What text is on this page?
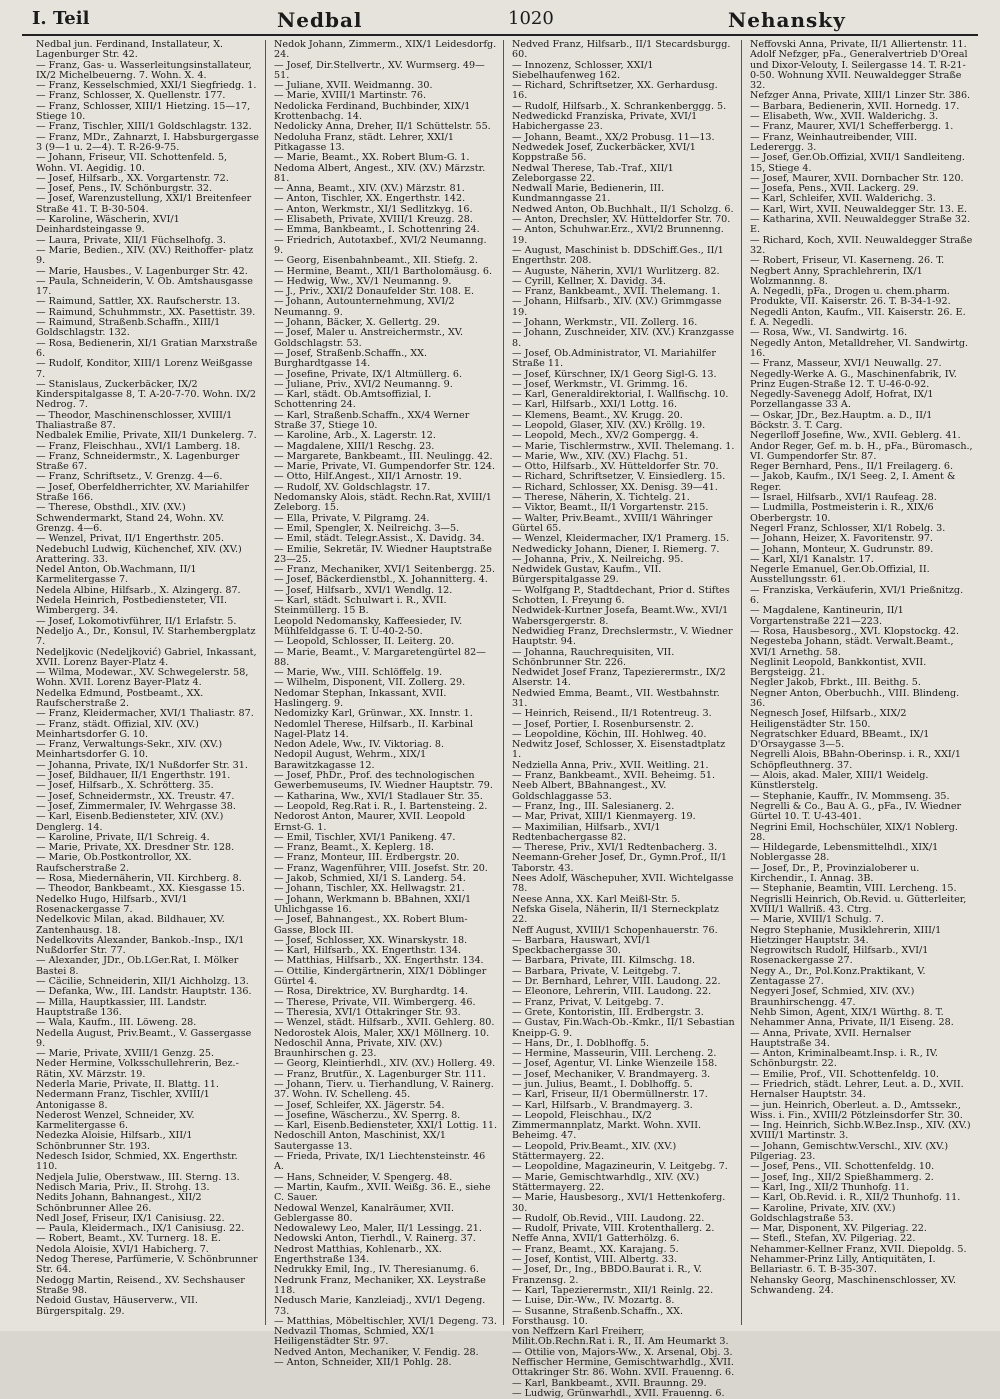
I. Teil	Nedbal	1020	Nehansky

Nedbal jun. Ferdinand, Installateur, X. Lagenburger Str. 42.

— Franz, Gas- u. Wasserleitungsinstallateur, IX/2 Michelbeuerng. 7. Wohn. X. 4.

— Franz, Kesselschmied, XXI/1 Siegfriedg. 1.

— Franz, Schlosser, X. Quellenstr. 177.

— Franz, Schlosser, XIII/1 Hietzing. 15—17, Stiege 10.

— Franz, Tischler, XIII/1 Goldschlagstr. 132.

— Franz, MDr., Zahnarzt, I. Habsburgergasse 3 (9—1 u. 2—4). T. R-26-9-75.

— Johann, Friseur, VII. Schottenfeld. 5, Wohn. VI. Aegidig. 10.

— Josef, Hilfsarb., XX. Vorgartenstr. 72.

— Josef, Pens., IV. Schönburgstr. 32.

— Josef, Warenzustellung, XXI/1 Breitenfeer Straße 41. T. B-30-504.

— Karoline, Wäscherin, XVI/1 Deinhardsteingasse 9.

— Laura, Private, XII/1 Füchselhofg. 3.

— Marie, Bedien., XIV. (XV.) Reithoffer- platz 9.

— Marie, Hausbes., V. Lagenburger Str. 42.

— Paula, Schneiderin, V. Ob. Amtshausgasse 17.

— Raimund, Sattler, XX. Raufscherstr. 13.

— Raimund, Schuhmmstr., XX. Pasettistr. 39.

— Raimund, Straßenb.Schaffn., XIII/1 Goldschlagstr. 132.

— Rosa, Bedienerin, XI/1 Gratian Marxstraße 6.

— Rudolf, Konditor, XIII/1 Lorenz Weißgasse 7.

— Stanislaus, Zuckerbäcker, IX/2 Kinderspitalgasse 8, T. A-20-7-70. Wohn. IX/2 Nedrog. 7.

— Theodor, Maschinenschlosser, XVIII/1 Thaliastraße 87.

Nedbalek Emilie, Private, XII/1 Dunkelerg. 7.

— Franz, Fleischhau., XVI/1 Lamberg. 18.

— Franz, Schneidermstr., X. Lagenburger Straße 67.

— Franz, Schriftsetz., V. Grenzg. 4—6.

— Josef, Oberfeldherrichter, XV. Mariahilfer Straße 166.

— Therese, Obsthdl., XIV. (XV.) Schwendermarkt, Stand 24, Wohn. XV. Grenzg. 4—6.

— Wenzel, Privat, II/1 Engerthstr. 205.

Nedebuchl Ludwig, Küchenchef, XIV. (XV.) Arattering. 33.

Nedel Anton, Ob.Wachmann, II/1 Karmelitergasse 7.

Nedela Albine, Hilfsarb., X. Alzingerg. 87.

Nedela Heinrich, Postbediensteter, VII. Wimbergerg. 34.

— Josef, Lokomotivführer, II/1 Erlafstr. 5.

Nedeljo A., Dr., Konsul, IV. Starhembergplatz 7.

Nedeljkovic (Nedeljković) Gabriel, Inkassant, XVII. Lorenz Bayer-Platz 4.

— Wilma, Modewar., XV. Schwegelerstr. 58, Wohn. XVII. Lorenz Bayer-Platz 4.

Nedelka Edmund, Postbeamt., XX. Raufscherstraße 2.

— Franz, Kleidermacher, XVI/1 Thaliastr. 87.

— Franz, städt. Offizial, XIV. (XV.) Meinhartsdorfer G. 10.

— Franz, Verwaltungs-Sekr., XIV. (XV.) Meinhartsdorfer G. 10.

— Johanna, Private, IX/1 Nußdorfer Str. 31.

— Josef, Bildhauer, II/1 Engerthstr. 191.

— Josef, Hilfsarb., X. Schrötterg. 35.

— Josef, Schneidermstr., XX. Treustr. 47.

— Josef, Zimmermaler, IV. Wehrgasse 38.

— Karl, Eisenb.Bediensteter, XIV. (XV.) Denglerg. 14.

— Karoline, Private, II/1 Schreig. 4.

— Marie, Private, XX. Dresdner Str. 128.

— Marie, Ob.Postkontrollor, XX. Raufscherstraße 2.

— Rosa, Miedernäherin, VII. Kirchberg. 8.

— Theodor, Bankbeamt., XX. Kiesgasse 15.

Nedelko Hugo, Hilfsarb., XVI/1 Rosenackergasse 7.

Nedelkovic Milan, akad. Bildhauer, XV. Zantenhausg. 18.

Nedelkovits Alexander, Bankob.-Insp., IX/1 Nußdorfer Str. 77.

— Alexander, JDr., Ob.LGer.Rat, I. Mölker Bastei 8.

— Cäcilie, Schneiderin, XII/1 Aichholzg. 13.

— Defanka, Ww., III. Landstr. Hauptstr. 136.

— Milla, Hauptkassier, III. Landstr. Hauptstraße 136.

— Wala, Kaufm., III. Löweng. 28.

Nedella August, Priv.Beamt., V. Gassergasse 9.

— Marie, Private, XVIII/1 Genzg. 25.

Neder Hermine, Volksschullehrerin, Bez.-Rätin, XV. Märzstr. 19.

Nederla Marie, Private, II. Blattg. 11.

Nedermann Franz, Tischler, XVIII/1 Antonigasse 8.

Nederost Wenzel, Schneider, XV. Karmelitergasse 6.

Nedezka Aloisie, Hilfsarb., XII/1 Schönbrunner Str. 193.

Nedesch Isidor, Schmied, XX. Engerthstr. 110.

Nedjela Julie, Oberstwaw., III. Sterng. 13.

Nedisch Maria, Priv., II. Strohg. 13.

Nedits Johann, Bahnangest., XII/2 Schönbrunner Allee 26.

Nedl Josef, Friseur, IX/1 Canisiusg. 22.

— Paula, Kleidermach., IX/1 Canisiusg. 22.

— Robert, Beamt., XV. Turnerg. 18. E.

Nedola Aloisie, XVI/1 Habicherg. 7.

Nedog Therese, Parfümerie, V. Schönbrunner Str. 64.

Nedogg Martin, Reisend., XV. Sechshauser Straße 98.

Nedoid Gustav, Häuserverw., VII. Bürgerspitalg. 29.

Nedok Johann, Zimmerm., XIX/1 Leidesdorfg. 24.

— Josef, Dir.Stellvertr., XV. Wurmserg. 49—51.

— Juliane, XVII. Weidmanng. 30.

— Marie, XVIII/1 Martinstr. 76.

Nedolicka Ferdinand, Buchbinder, XIX/1 Krottenbachg. 14.

Nedolicky Anna, Dreher, II/1 Schüttelstr. 55.

Nedoluha Franz, städt. Lehrer, XXI/1 Pitkagasse 13.

— Marie, Beamt., XX. Robert Blum-G. 1.

Nedoma Albert, Angest., XIV. (XV.) Märzstr. 81.

— Anna, Beamt., XIV. (XV.) Märzstr. 81.

— Anton, Tischler, XX. Engerthstr. 142.

— Anton, Werkmstr., XI/1 Sedlitzkyg. 16.

— Elisabeth, Private, XVIII/1 Kreuzg. 28.

— Emma, Bankbeamt., I. Schottenring 24.

— Friedrich, Autotaxbef., XVI/2 Neumanng. 9.

— Georg, Eisenbahnbeamt., XII. Stiefg. 2.

— Hermine, Beamt., XII/1 Bartholomäusg. 6.

— Hedwig, Ww., XV/1 Neumanng. 9.

— J., Priv., XXI/2 Donaufelder Str. 108. E.

— Johann, Autounternehmung, XVI/2 Neumanng. 9.

— Johann, Bäcker, X. Gellertg. 29.

— Josef, Maler u. Anstreichermstr., XV. Goldschlagstr. 53.

— Josef, Straßenb.Schaffn., XX. Burghardtgasse 14.

— Josefine, Private, IX/1 Altmüllerg. 6.

— Juliane, Priv., XVI/2 Neumanng. 9.

— Karl, städt. Ob.Amtsoffizial, I. Schottenring 24.

— Karl, Straßenb.Schaffn., XX/4 Werner Straße 37, Stiege 10.

— Karoline, Arb., X. Lagerstr. 12.

— Magdalene, XIII/1 Reschg. 23.

— Margarete, Bankbeamt., III. Neulingg. 42.

— Marie, Private, VI. Gumpendorfer Str. 124.

— Otto, Hilf.Angest., XII/1 Arnostr. 19.

— Rudolf, XV. Goldschlagstr. 17.

Nedomansky Alois, städt. Rechn.Rat, XVIII/1 Zeleborg. 15.

— Ella, Private, V. Pilgramg. 24.

— Emil, Spengler, X. Neilreichg. 3—5.

— Emil, städt. Telegr.Assist., X. Davidg. 34.

— Emilie, Sekretär, IV. Wiedner Hauptstraße 23—25.

— Franz, Mechaniker, XVI/1 Seitenbergg. 25.

— Josef, Bäckerdienstbl., X. Johannitterg. 4.

— Josef, Hilfsarb., XVI/1 Wendlg. 12.

— Karl, städt. Schulwart i. R., XVII. Steinmüllerg. 15 B.

Leopold Nedomansky, Kaffeesieder, IV. Mühlfeldgasse 6. T. U-40-2-50.

— Leopold, Schlosser, II. Leiterg. 20.

— Marie, Beamt., V. Margaretengürtel 82—88.

— Marie, Ww., VIII. Schlöffelg. 19.

— Wilhelm, Disponent, VII. Zollerg. 29.

Nedomar Stephan, Inkassant, XVII. Haslingerg. 9.

Nedomizky Karl, Grünwar., XX. Innstr. 1.

Nedomlel Therese, Hilfsarb., II. Karbinal Nagel-Platz 14.

Nedon Adele, Ww., IV. Viktoriag. 8.

Nedopil August, Wehrm., XIX/1 Barawitzkagasse 12.

— Josef, PhDr., Prof. des technologischen Gewerbemuseums, IV. Wiedner Hauptstr. 79.

— Katharina, Ww., XVI/1 Stadlauer Str. 35.

— Leopold, Reg.Rat i. R., I. Bartensteing. 2.

Nedorost Anton, Maurer, XVII. Leopold Ernst-G. 1.

— Emil, Tischler, XVI/1 Panikeng. 47.

— Franz, Beamt., X. Keplerg. 18.

— Franz, Monteur, III. Erdbergstr. 20.

— Franz, Wagenführer, VIII. Josefst. Str. 20.

— Jakob, Schmied, XI/1 S. Landerg. 54.

— Johann, Tischler, XX. Hellwagstr. 21.

— Johann, Werkmann b. BBahnen, XXI/1 Uhlichgasse 16.

— Josef, Bahnangest., XX. Robert Blum-Gasse, Block III.

— Josef, Schlosser, XX. Winarskystr. 18.

— Karl, Hilfsarb., XX. Engerthstr. 134.

— Matthias, Hilfsarb., XX. Engerthstr. 134.

— Ottilie, Kindergärtnerin, XIX/1 Döblinger Gürtel 4.

— Rosa, Direktrice, XV. Burghardtg. 14.

— Therese, Private, VII. Wimbergerg. 46.

— Theresia, XVI/1 Ottakringer Str. 93.

— Wenzel, städt. Hilfsarb., XVII. Gehlerg. 80.

Nedorostek Alois, Maler, XX/1 Möllnerg. 10.

Nedoschil Anna, Private, XIV. (XV.) Braunhirschen g. 23.

— Georg, Kleintierhdl., XIV. (XV.) Hollerg. 49.

— Franz, Brutfür., X. Lagenburger Str. 111.

— Johann, Tierv. u. Tierhandlung, V. Rainerg. 37. Wohn. IV. Schelleng. 45.

— Josef, Schleifer, XX. Jägerstr. 54.

— Josefine, Wäscherzu., XV. Sperrg. 8.

— Karl, Eisenb.Bediensteter, XXI/1 Lottig. 11.

Nedoschill Anton, Maschinist, XX/1 Sautergasse 13.

— Frieda, Private, IX/1 Liechtensteinstr. 46 A.

— Hans, Schneider, V. Spengerg. 48.

— Martin, Kaufm., XVII. Weißg. 36. E., siehe C. Sauer.

Nedowal Wenzel, Kanalräumer, XVII. Geblergasse 80.

Nedowalewy Leo, Maler, II/1 Lessingg. 21.

Nedowski Anton, Tierhdl., V. Rainerg. 37.

Nedrost Matthias, Kohlenarb., XX. Engerthstraße 134.

Nedrukky Emil, Ing., IV. Theresianumg. 6.

Nedrunk Franz, Mechaniker, XX. Leystraße 118.

Nedusch Marie, Kanzleiadj., XVI/1 Degeng. 73.

— Matthias, Möbeltischler, XVI/1 Degeng. 73.

Nedvazil Thomas, Schmied, XX/1 Heiligenstädter Str. 97.

Nedved Anton, Mechaniker, V. Fendig. 28.

— Anton, Schneider, XII/1 Pohlg. 28.

Nedved Franz, Hilfsarb., II/1 Stecardsburgg. 60.

— Innozenz, Schlosser, XXI/1 Siebelhaufenweg 162.

— Richard, Schriftsetzer, XX. Gerhardusg. 16.

— Rudolf, Hilfsarb., X. Schrankenberggg. 5.

Nedwedickd Franziska, Private, XVI/1 Habichergasse 23.

— Johann, Beamt., XX/2 Probusg. 11—13.

Nedwedek Josef, Zuckerbäcker, XVI/1 Koppstraße 56.

Nedwal Therese, Tab.-Traf., XII/1 Zeleborgasse 22.

Nedwall Marie, Bedienerin, III. Kundmanngasse 21.

Nedwed Anton, Ob.Buchhalt., II/1 Scholzg. 6.

— Anton, Drechsler, XV. Hütteldorfer Str. 70.

— Anton, Schuhwar.Erz., XVI/2 Brunnenng. 19.

— August, Maschinist b. DDSchiff.Ges., II/1 Engerthstr. 208.

— Auguste, Näherin, XVI/1 Wurlitzerg. 82.

— Cyrill, Kellner, X. Davidg. 34.

— Franz, Bankbeamt., XVII. Thelemang. 1.

— Johann, Hilfsarb., XIV. (XV.) Grimmgasse 19.

— Johann, Werkmstr., VII. Zollerg. 16.

— Johann, Zuschneider, XIV. (XV.) Kranzgasse 8.

— Josef, Ob.Administrator, VI. Mariahilfer Straße 11.

— Josef, Kürschner, IX/1 Georg Sigl-G. 13.

— Josef, Werkmstr., VI. Grimmg. 16.

— Karl, Generaldirektorial, I. Wallfischg. 10.

— Karl, Hilfsarb., XXI/1 Lottg. 16.

— Klemens, Beamt., XV. Krugg. 20.

— Leopold, Glaser, XIV. (XV.) Kröllg. 19.

— Leopold, Mech., XV/2 Gompergg. 4.

— Marie, Tischlermstrw., XVII. Thelemang. 1.

— Marie, Ww., XIV. (XV.) Flachg. 51.

— Otto, Hilfsarb., XV. Hütteldorfer Str. 70.

— Richard, Schriftsetzer, V. Einsiedlerg. 15.

— Richard, Schlosser, XX. Denisg. 39—41.

— Therese, Näherin, X. Tichtelg. 21.

— Viktor, Beamt., II/1 Vorgartenstr. 215.

— Walter, Priv.Beamt., XVIII/1 Währinger Gürtel 65.

— Wenzel, Kleidermacher, IX/1 Pramerg. 15.

Nedwedicky Johann, Diener, I. Riemerg. 7.

— Johanna, Priv., X. Neilreichg. 95.

Nedwidek Gustav, Kaufm., VII. Bürgerspitalgasse 29.

— Wolfgang P., Stadtdechant, Prior d. Stiftes Schotten, I. Freyung 6.

Nedwidek-Kurtner Josefa, Beamt.Ww., XVI/1 Wabersgergerstr. 8.

Nedwidieg Franz, Drechslermstr., V. Wiedner Hauptstr. 94.

— Johanna, Rauchrequisiten, VII. Schönbrunner Str. 226.

Nedwidet Josef Franz, Tapezierermstr., IX/2 Alserstr. 14.

Nedwied Emma, Beamt., VII. Westbahnstr. 31.

— Heinrich, Reisend., II/1 Rotentreug. 3.

— Josef, Portier, I. Rosenbursenstr. 2.

— Leopoldine, Köchin, III. Hohlweg. 40.

Nedwitz Josef, Schlosser, X. Eisenstadtplatz 1.

Nedziella Anna, Priv., XVII. Weitling. 21.

— Franz, Bankbeamt., XVII. Beheimg. 51.

Neeb Albert, BBahnangest., XV. Goldschlaggasse 53.

— Franz, Ing., III. Salesianerg. 2.

— Mar, Privat, XIII/1 Kienmayerg. 19.

— Maximilian, Hilfsarb., XVI/1 Redtenbachergasse 82.

— Therese, Priv., XVI/1 Redtenbacherg. 3.

Neemann-Greher Josef, Dr., Gymn.Prof., II/1 Taborstr. 43.

Nees Adolf, Wäschepuher, XVII. Wichtelgasse 78.

Neese Anna, XX. Karl Meißl-Str. 5.

Nefska Gisela, Näherin, II/1 Sterneckplatz 22.

Neff August, XVIII/1 Schopenhauerstr. 76.

— Barbara, Hauswart, XVI/1 Speckbachergasse 30.

— Barbara, Private, III. Kilmschg. 18.

— Barbara, Private, V. Leitgebg. 7.

— Dr. Bernhard, Lehrer, VIII. Laudong. 22.

— Eleonore, Lehrerin, VIII. Laudong. 22.

— Franz, Privat, V. Leitgebg. 7.

— Grete, Kontoristin, III. Erdbergstr. 3.

— Gustav, Fin.Wach-Ob.-Kmkr., II/1 Sebastian Kneipp-G. 9.

— Hans, Dr., I. Doblhoffg. 5.

— Hermine, Masseurin, VIII. Lercheng. 2.

— Josef, Agentur, VI. Linke Wienzeile 158.

— Josef, Mechaniker, V. Brandmayerg. 3.

— jun. Julius, Beamt., I. Doblhoffg. 5.

— Karl, Friseur, II/1 Obermüllnerstr. 17.

— Karl, Hilfsarb., V. Brandmayerg. 3.

— Leopold, Fleischhau., IX/2 Zimmermannplatz, Markt. Wohn. XVII. Beheimg. 47.

— Leopold, Priv.Beamt., XIV. (XV.) Stättermayerg. 22.

— Leopoldine, Magazineurin, V. Leitgebg. 7.

— Marie, Gemischtwarhdlg., XIV. (XV.) Stättermayerg. 22.

— Marie, Hausbesorg., XVI/1 Hettenkoferg. 30.

— Rudolf, Ob.Revid., VIII. Laudong. 22.

— Rudolf, Private, VIII. Krotenthallerg. 2.

Neffe Anna, XVII/1 Gatterhölzg. 6.

— Franz, Beamt., XX. Karajang. 5.

— Josef, Kontist, VIII. Albertg. 33.

— Josef, Dr., Ing., BBDO.Baurat i. R., V. Franzensg. 2.

— Karl, Tapezierermstr., XII/1 Reinlg. 22.

— Luise, Dir.-Ww., IV. Mozartg. 8.

— Susanne, Straßenb.Schaffn., XX. Forsthausg. 10.

von Neffzern Karl Freiherr, Milit.Ob.Rechn.Rat i. R., II. Am Heumarkt 3.

— Ottilie von, Majors-Ww., X. Arsenal, Obj. 3.

Neffischer Hermine, Gemischtwarhdlg., XVII. Ottakringer Str. 86. Wohn. XVII. Frauenng. 6.

— Karl, Bankbeamt., XVII. Braunng. 29.

— Ludwig, Grünwarhdl., XVII. Frauenng. 6.

Neffovski Anna, Private, II/1 Alliertenstr. 11.

Adolf Nefzger, pFa., Generalvertrieb D'Oreal und Dixor-Velouty, I. Seilergasse 14. T. R-21-0-50. Wohnung XVII. Neuwaldegger Straße 32.

Nefzger Anna, Private, XIII/1 Linzer Str. 386.

— Barbara, Bedienerin, XVII. Hornedg. 17.

— Elisabeth, Ww., XVII. Walderichg. 3.

— Franz, Maurer, XVI/1 Schefferbergg. 1.

— Franz, Weinhautreibender, VIII. Lederergg. 3.

— Josef, Ger.Ob.Offizial, XVII/1 Sandleiteng. 15, Stiege 4.

— Josef, Maurer, XVII. Dornbacher Str. 120.

— Josefa, Pens., XVII. Lackerg. 29.

— Karl, Schleifer, XVII. Walderichg. 3.

— Karl, Wirt, XVII. Neuwaldegger Str. 13. E.

— Katharina, XVII. Neuwaldegger Straße 32. E.

— Richard, Koch, XVII. Neuwaldegger Straße 32.

— Robert, Friseur, VI. Kaserneng. 26. T.

Negbert Anny, Sprachlehrerin, IX/1 Wolzmannng. 8.

A. Negedli, pFa., Drogen u. chem.pharm. Produkte, VII. Kaiserstr. 26. T. B-34-1-92.

Negedli Anton, Kaufm., VII. Kaiserstr. 26. E. f. A. Negedli.

— Rosa, Ww., VI. Sandwirtg. 16.

Negedly Anton, Metalldreher, VI. Sandwirtg. 16.

— Franz, Masseur, XVI/1 Neuwallg. 27.

Negedly-Werke A. G., Maschinenfabrik, IV. Prinz Eugen-Straße 12. T. U-46-0-92.

Negedly-Savenegg Adolf, Hofrat, IX/1 Porzellangasse 33 A.

— Oskar, JDr., Bez.Hauptm. a. D., II/1 Böckstr. 3. T. Carg.

Negerlloff Josefine, Ww., XVII. Geblerg. 41.

Andor Reger, Gef. m. b. H., pFa., Büromasch., VI. Gumpendorfer Str. 87.

Reger Bernhard, Pens., II/1 Freilagerg. 6.

— Jakob, Kaufm., IX/1 Seeg. 2, I. Ament & Reger.

— Israel, Hilfsarb., XVI/1 Raufeag. 28.

— Ludmilla, Postmeisterin i. R., XIX/6 Oberbergstr. 10.

Negerl Franz, Schlosser, XI/1 Robelg. 3.

— Johann, Heizer, X. Favoritenstr. 97.

— Johann, Monteur, X. Gudrunstr. 89.

— Karl, XI/1 Kanalstr. 17.

Negerle Emanuel, Ger.Ob.Offizial, II. Ausstellungsstr. 61.

— Franziska, Verkäuferin, XVI/1 Prießnitzg. 6.

— Magdalene, Kantineurin, II/1 Vorgartenstraße 221—223.

— Rosa, Hausbesorg., XVI. Klopstockg. 42.

Negesteba Johann, städt. Verwalt.Beamt., XVI/1 Arnethg. 58.

Neglinit Leopold, Bankkontist, XVII. Bergsteigg. 21.

Negler Jakob, Fbrkt., III. Beithg. 5.

Negner Anton, Oberbuchh., VIII. Blindeng. 36.

Negnesch Josef, Hilfsarb., XIX/2 Heiligenstädter Str. 150.

Negratschker Eduard, BBeamt., IX/1 D'Orsaygasse 3—5.

Negrelli Alois, BBahn-Oberinsp. i. R., XXI/1 Schöpfleuthnerg. 37.

— Alois, akad. Maler, XIII/1 Weidelg. Künstlerstelg.

— Stephanie, Kauffr., IV. Mommseng. 35.

Negrelli & Co., Bau A. G., pFa., IV. Wiedner Gürtel 10. T. U-43-401.

Negrini Emil, Hochschüler, XIX/1 Noblerg. 28.

— Hildegarde, Lebensmittelhdl., XIX/1 Noblergasse 28.

— Josef, Dr., P., Provinzialoberer u. Kirchendir., I. Annag. 3B.

— Stephanie, Beamtin, VIII. Lercheng. 15.

Negrislli Heinrich, Ob.Revid. u. Gütterleiter, XVIII/1 Wallriß. 43. Ctrg.

— Marie, XVIII/1 Schulg. 7.

Negro Stephanie, Musiklehrerin, XIII/1 Hietzinger Hauptstr. 34.

Negrowitsch Rudolf, Hilfsarb., XVI/1 Rosenackergasse 27.

Negy A., Dr., Pol.Konz.Praktikant, V. Zentagasse 27.

Negyeri Josef, Schmied, XIV. (XV.) Braunhirschengg. 47.

Nehb Simon, Agent, XIX/1 Würthg. 8. T.

Nehammer Anna, Private, II/1 Eiseng. 28.

— Anna, Private, XVII. Hernalser Hauptstraße 34.

— Anton, Kriminalbeamt.Insp. i. R., IV. Schönburgstr. 22.

— Emilie, Prof., VII. Schottenfeldg. 10.

— Friedrich, städt. Lehrer, Leut. a. D., XVII. Hernalser Hauptstr. 34.

— jun. Heinrich, Oberleut. a. D., Amtssekr., Wiss. i. Fin., XVIII/2 Pötzleinsdorfer Str. 30.

— Ing. Heinrich, Sichb.W.Bez.Insp., XIV. (XV.) XVIII/1 Martinstr. 3.

— Johann, Gemischtw.Verschl., XIV. (XV.) Pilgeriag. 23.

— Josef, Pens., VII. Schottenfeldg. 10.

— Josef, Ing., XII/2 Spießhammerg. 2.

— Karl, Ing., XII/2 Thunhofg. 11.

— Karl, Ob.Revid. i. R., XII/2 Thunhofg. 11.

— Karoline, Private, XIV. (XV.) Goldschlagstraße 53.

— Mar, Disponent, XV. Pilgeriag. 22.

— Stefl., Stefan, XV. Pilgeriag. 22.

Nehammer-Kellner Franz, XVII. Diepoldg. 5.

Nehammer-Prinz Lilly, Antiquitäten, I. Bellariastr. 6. T. B-35-307.

Nehansky Georg, Maschinenschlosser, XV. Schwandeng. 24.
